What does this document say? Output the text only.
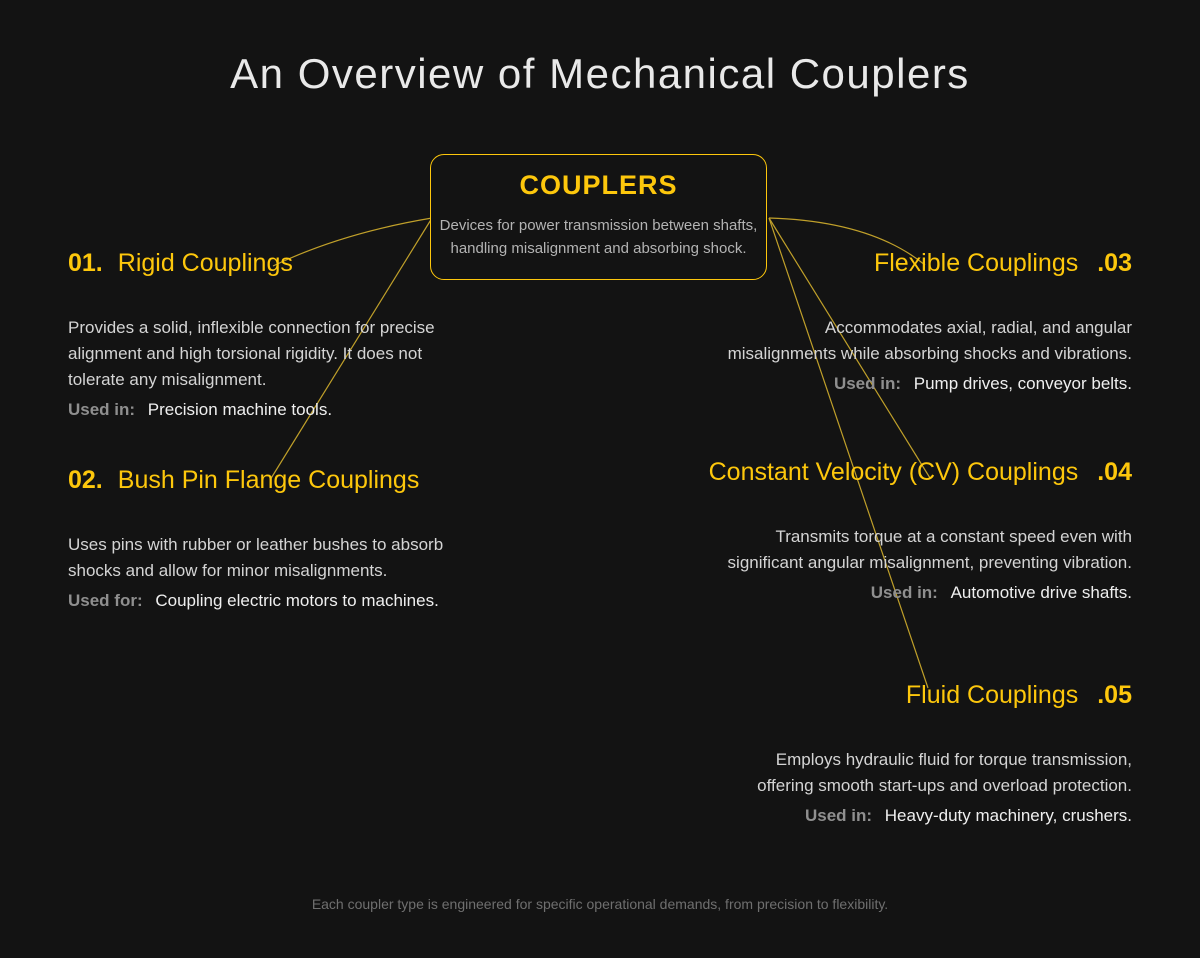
An Overview of Mechanical Couplers
COUPLERS
Devices for power transmission between shafts,
handling misalignment and absorbing shock.
01. Rigid Couplings
Provides a solid, inflexible connection for precise
alignment and high torsional rigidity. It does not
tolerate any misalignment.
Used in: Precision machine tools.
02. Bush Pin Flange Couplings
Uses pins with rubber or leather bushes to absorb
shocks and allow for minor misalignments.
Used for: Coupling electric motors to machines.
Flexible Couplings .03
Accommodates axial, radial, and angular
misalignments while absorbing shocks and vibrations.
Used in: Pump drives, conveyor belts.
Constant Velocity (CV) Couplings .04
Transmits torque at a constant speed even with
significant angular misalignment, preventing vibration.
Used in: Automotive drive shafts.
Fluid Couplings .05
Employs hydraulic fluid for torque transmission,
offering smooth start-ups and overload protection.
Used in: Heavy-duty machinery, crushers.
Each coupler type is engineered for specific operational demands, from precision to flexibility.
